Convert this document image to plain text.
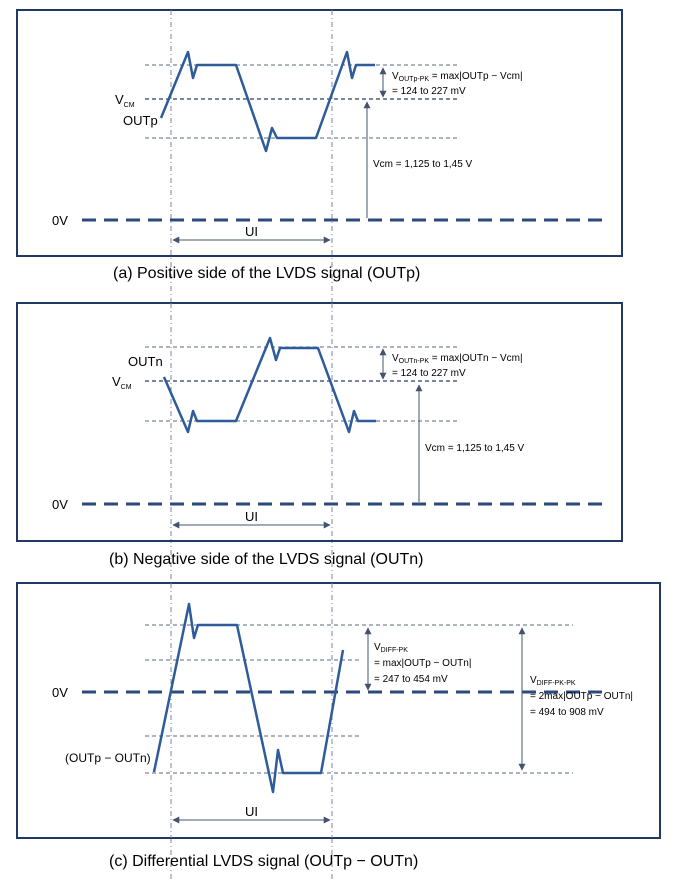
$V_{CM}$
OUTp
0V
UI
$V_{OUTp-PK}$ = max|OUTp − Vcm|
= 124 to 227 mV
Vcm = 1,125 to 1,45 V
(a) Positive side of the LVDS signal (OUTp)
OUTn
$V_{CM}$
0V
UI
$V_{OUTn-PK}$ = max|OUTn − Vcm|
= 124 to 227 mV
Vcm = 1,125 to 1,45 V
(b) Negative side of the LVDS signal (OUTn)
0V
(OUTp − OUTn)
UI
$V_{DIFF-PK}$
= max|OUTp − OUTn|
= 247 to 454 mV	$V_{DIFF-PK-PK}$
= 2max|OUTp − OUTn|
= 494 to 908 mV
(c) Differential LVDS signal (OUTp − OUTn)
